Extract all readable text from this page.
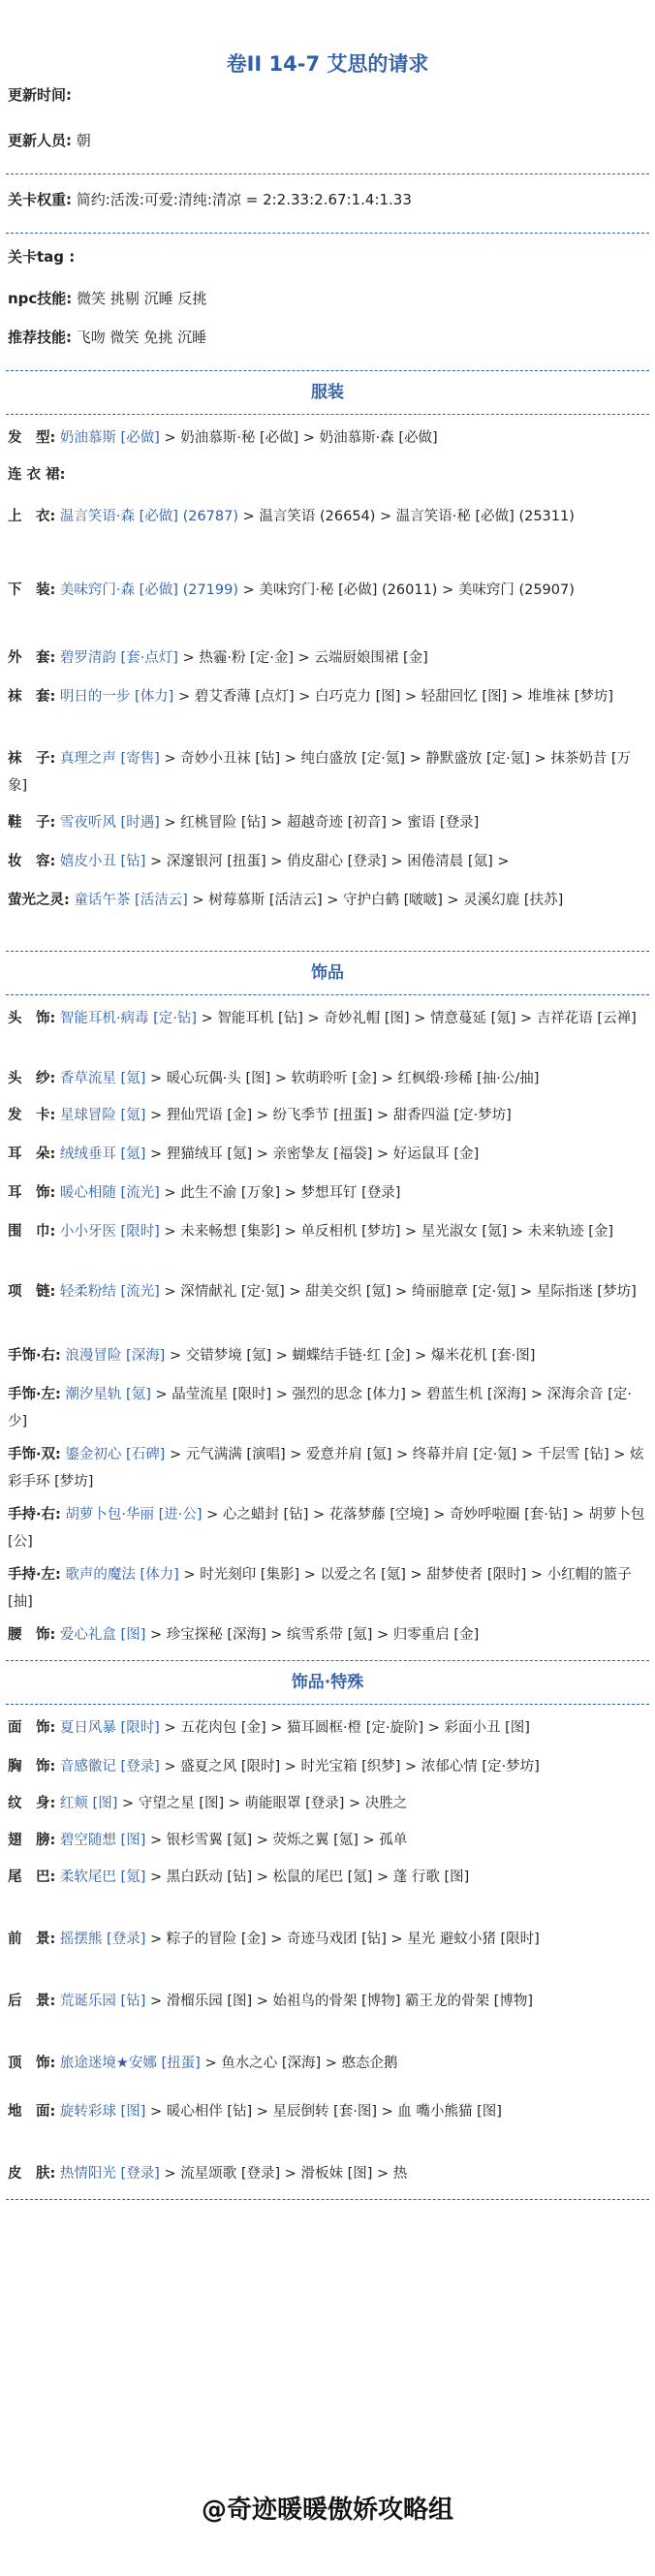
卷II 14-7 艾思的请求
更新时间:
更新人员: 朝
关卡权重: 简约:活泼:可爱:清纯:清凉 = 2:2.33:2.67:1.4:1.33
关卡tag :
npc技能: 微笑 挑剔 沉睡 反挑
推荐技能: 飞吻 微笑 免挑 沉睡
服装
发　型: 奶油慕斯 [必做] > 奶油慕斯·秘 [必做] > 奶油慕斯·森 [必做]
连 衣 裙:
上　衣: 温言笑语·森 [必做] (26787) > 温言笑语 (26654) > 温言笑语·秘 [必做] (25311)
下　装: 美味窍门·森 [必做] (27199) > 美味窍门·秘 [必做] (26011) > 美味窍门 (25907)
外　套: 碧罗清韵 [套·点灯] > 热霾·粉 [定·金] > 云端厨娘围裙 [金]
袜　套: 明日的一步 [体力] > 碧艾香薄 [点灯] > 白巧克力 [图] > 轻甜回忆 [图] > 堆堆袜 [梦坊]
袜　子: 真理之声 [寄售] > 奇妙小丑袜 [钻] > 纯白盛放 [定·氪] > 静默盛放 [定·氪] > 抹茶奶昔 [万象]
鞋　子: 雪夜听风 [时遇] > 红桃冒险 [钻] > 超越奇迹 [初音] > 蜜语 [登录]
妆　容: 嬉皮小丑 [钻] > 深邃银河 [扭蛋] > 俏皮甜心 [登录] > 困倦清晨 [氪] >
萤光之灵: 童话午茶 [活洁云] > 树莓慕斯 [活洁云] > 守护白鹤 [啵啵] > 灵溪幻鹿 [扶苏]
饰品
头　饰: 智能耳机·病毒 [定·钻] > 智能耳机 [钻] > 奇妙礼帽 [图] > 情意蔓延 [氪] > 吉祥花语 [云禅]
头　纱: 香草流星 [氪] > 暖心玩偶·头 [图] > 软萌聆听 [金] > 红枫缎·珍稀 [抽·公/抽]
发　卡: 星球冒险 [氪] > 狸仙咒语 [金] > 纷飞季节 [扭蛋] > 甜香四溢 [定·梦坊]
耳　朵: 绒绒垂耳 [氪] > 狸猫绒耳 [氪] > 亲密挚友 [福袋] > 好运鼠耳 [金]
耳　饰: 暖心相随 [流光] > 此生不渝 [万象] > 梦想耳钉 [登录]
围　巾: 小小牙医 [限时] > 未来畅想 [集影] > 单反相机 [梦坊] > 星光淑女 [氪] > 未来轨迹 [金]
项　链: 轻柔粉结 [流光] > 深情献礼 [定·氪] > 甜美交织 [氪] > 绮丽臆章 [定·氪] > 星际指迷 [梦坊]
手饰·右: 浪漫冒险 [深海] > 交错梦境 [氪] > 蝴蝶结手链·红 [金] > 爆米花机 [套·图]
手饰·左: 潮汐星轨 [氪] > 晶莹流星 [限时] > 强烈的思念 [体力] > 碧蓝生机 [深海] > 深海余音 [定·少]
手饰·双: 鎏金初心 [石碑] > 元气满满 [演唱] > 爱意并肩 [氪] > 终幕并肩 [定·氪] > 千层雪 [钻] > 炫彩手环 [梦坊]
手持·右: 胡萝卜包·华丽 [进·公] > 心之蜡封 [钻] > 花落梦藤 [空境] > 奇妙呼啦圈 [套·钻] > 胡萝卜包 [公]
手持·左: 歌声的魔法 [体力] > 时光刻印 [集影] > 以爱之名 [氪] > 甜梦使者 [限时] > 小红帽的篮子 [抽]
腰　饰: 爱心礼盒 [图] > 珍宝探秘 [深海] > 缤雪系带 [氪] > 归零重启 [金]
饰品·特殊
面　饰: 夏日风暴 [限时] > 五花肉包 [金] > 猫耳圆框·橙 [定·旋阶] > 彩面小丑 [图]
胸　饰: 音感徽记 [登录] > 盛夏之风 [限时] > 时光宝箱 [织梦] > 浓郁心情 [定·梦坊]
纹　身: 红颊 [图] > 守望之星 [图] > 萌能眼罩 [登录] > 决胜之
翅　膀: 碧空随想 [图] > 银杉雪翼 [氪] > 荧烁之翼 [氪] > 孤单
尾　巴: 柔软尾巴 [氪] > 黑白跃动 [钻] > 松鼠的尾巴 [氪] > 蓬 行歌 [图]
前　景: 摇摆熊 [登录] > 粽子的冒险 [金] > 奇迹马戏团 [钻] > 星光 避蚊小猪 [限时]
后　景: 荒诞乐园 [钻] > 滑榴乐园 [图] > 始祖鸟的骨架 [博物] 霸王龙的骨架 [博物]
顶　饰: 旅途迷境★安娜 [扭蛋] > 鱼水之心 [深海] > 憨态企鹅
地　面: 旋转彩球 [图] > 暖心相伴 [钻] > 星辰倒转 [套·图] > 血 嘴小熊猫 [图]
皮　肤: 热情阳光 [登录] > 流星颂歌 [登录] > 滑板妹 [图] > 热
@奇迹暖暖傲娇攻略组
